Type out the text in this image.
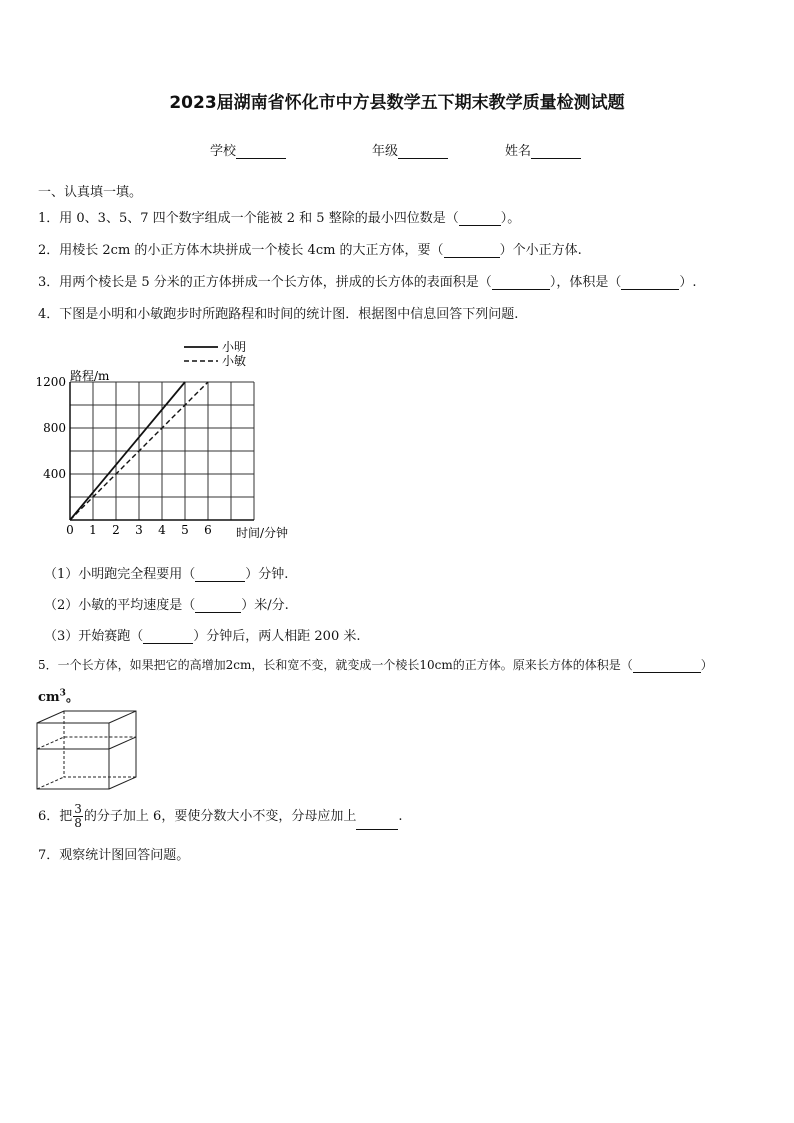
2023届湖南省怀化市中方县数学五下期末教学质量检测试题
学校	年级	姓名
一、认真填一填。
1．用 0、3、5、7 四个数字组成一个能被 2 和 5 整除的最小四位数是（	）。
2．用棱长 2cm 的小正方体木块拼成一个棱长 4cm 的大正方体，要（	）个小正方体.
3．用两个棱长是 5 分米的正方体拼成一个长方体，拼成的长方体的表面积是（	），体积是（	）.
4．下图是小明和小敏跑步时所跑路程和时间的统计图．根据图中信息回答下列问题.
0 1 2 3 4 5 6
400
800
1200
小明
小敏
路程/m
时间/分钟
（1）小明跑完全程要用（	）分钟.
（2）小敏的平均速度是（	）米/分.
（3）开始赛跑（	）分钟后，两人相距 200 米.
5．一个长方体，如果把它的高增加2cm，长和宽不变，就变成一个棱长10cm的正方体。原来长方体的体积是（	）
$cm^3$。
6．把 $\frac{3}{8}$ 的分子加上 6，要使分数大小不变，分母应加上	.
7．观察统计图回答问题。
